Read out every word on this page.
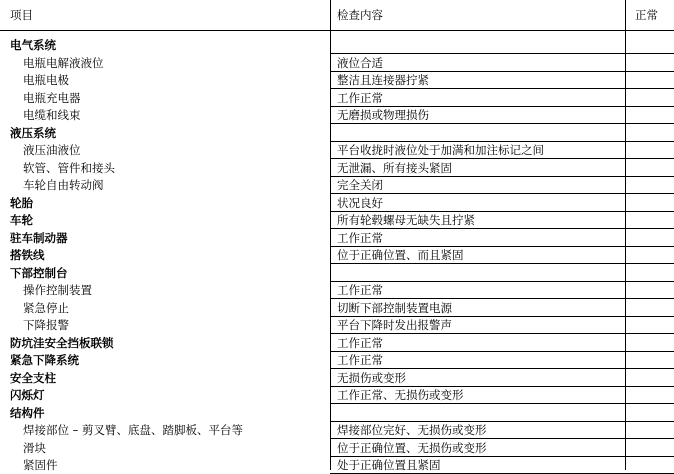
项目	检查内容	正常
电气系统
电瓶电解液液位	液位合适
电瓶电极	整洁且连接器拧紧
电瓶充电器	工作正常
电缆和线束	无磨损或物理损伤
液压系统
液压油液位	平台收拢时液位处于加满和加注标记之间
软管、管件和接头	无泄漏、所有接头紧固
车轮自由转动阀	完全关闭
轮胎	状况良好
车轮	所有轮毂螺母无缺失且拧紧
驻车制动器	工作正常
搭铁线	位于正确位置、而且紧固
下部控制台
操作控制装置	工作正常
紧急停止	切断下部控制装置电源
下降报警	平台下降时发出报警声
防坑洼安全挡板联锁	工作正常
紧急下降系统	工作正常
安全支柱	无损伤或变形
闪烁灯	工作正常、无损伤或变形
结构件
焊接部位 – 剪叉臂、底盘、踏脚板、平台等	焊接部位完好、无损伤或变形
滑块	位于正确位置、无损伤或变形
紧固件	处于正确位置且紧固
